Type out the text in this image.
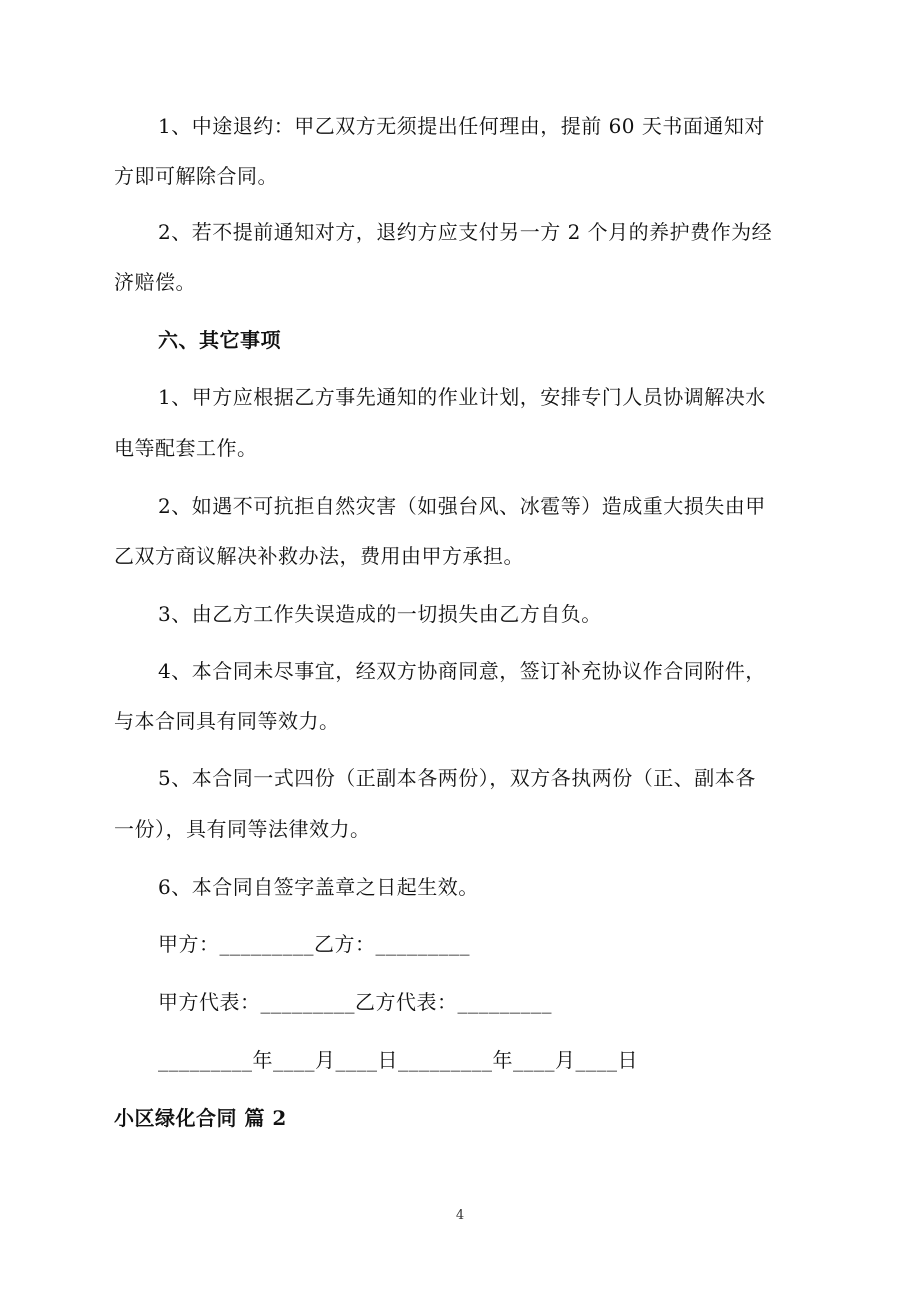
1、中途退约：甲乙双方无须提出任何理由，提前 60 天书面通知对
方即可解除合同。
2、若不提前通知对方，退约方应支付另一方 2 个月的养护费作为经
济赔偿。
六、其它事项
1、甲方应根据乙方事先通知的作业计划，安排专门人员协调解决水
电等配套工作。
2、如遇不可抗拒自然灾害（如强台风、冰雹等）造成重大损失由甲
乙双方商议解决补救办法，费用由甲方承担。
3、由乙方工作失误造成的一切损失由乙方自负。
4、本合同未尽事宜，经双方协商同意，签订补充协议作合同附件，
与本合同具有同等效力。
5、本合同一式四份（正副本各两份），双方各执两份（正、副本各
一份），具有同等法律效力。
6、本合同自签字盖章之日起生效。
甲方：_________乙方：_________
甲方代表：_________乙方代表：_________
_________年____月____日_________年____月____日
小区绿化合同 篇 2
4
